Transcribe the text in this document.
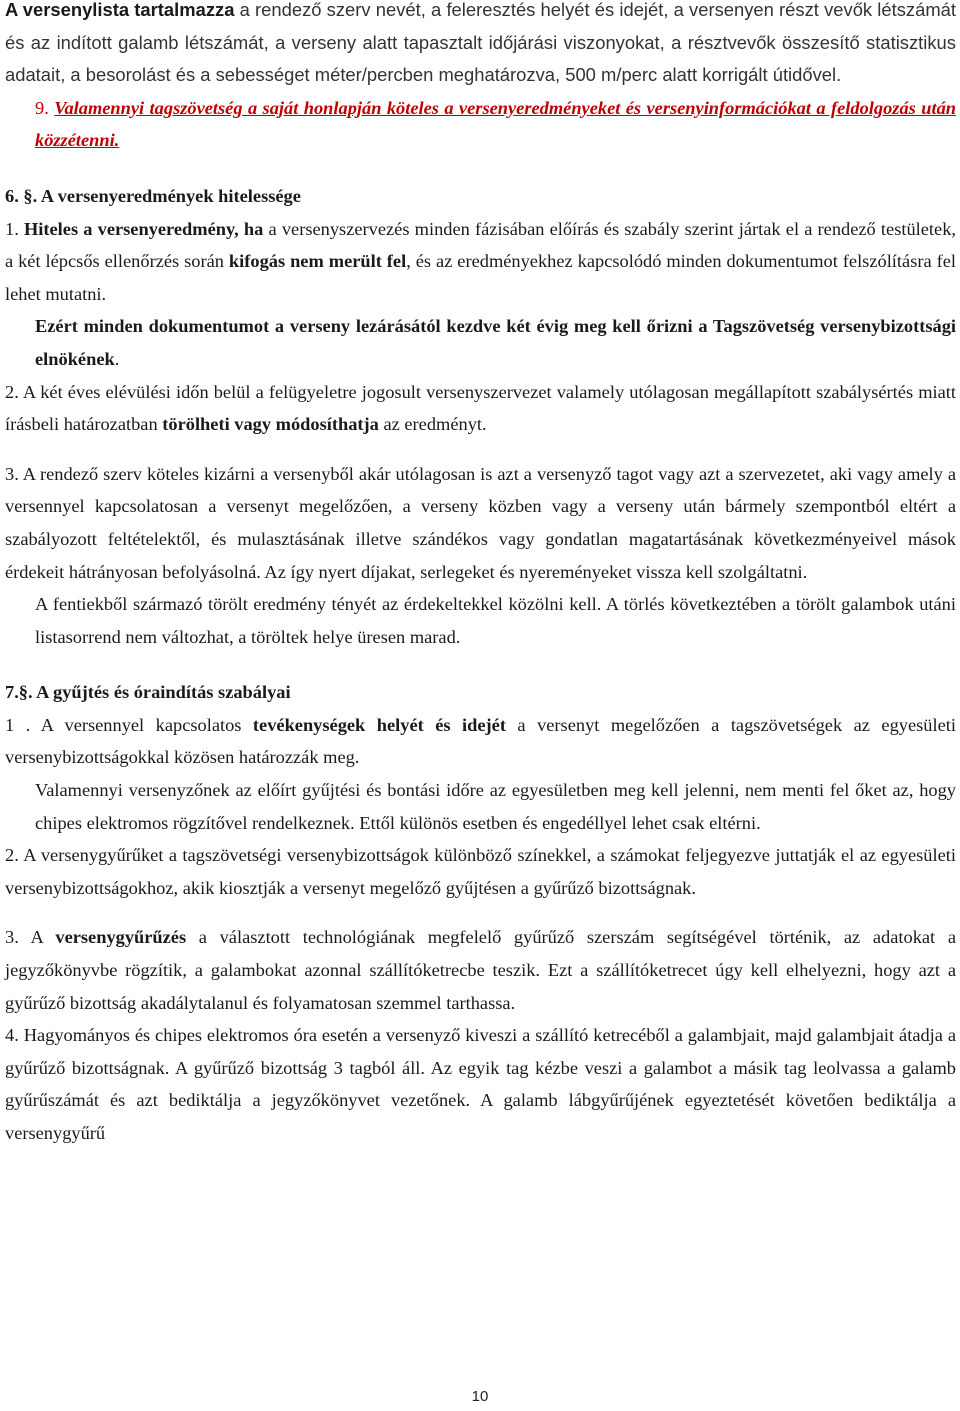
A versenylista tartalmazza a rendező szerv nevét, a feleresztés helyét és idejét, a versenyen részt vevők létszámát és az indított galamb létszámát, a verseny alatt tapasztalt időjárási viszonyokat, a résztvevők összesítő statisztikus adatait, a besorolást és a sebességet méter/percben meghatározva, 500 m/perc alatt korrigált útidővel.

9. Valamennyi tagszövetség a saját honlapján köteles a versenyeredményeket és versenyinformációkat a feldolgozás után közzétenni.

6. §. A versenyeredmények hitelessége

1. Hiteles a versenyeredmény, ha a versenyszervezés minden fázisában előírás és szabály szerint jártak el a rendező testületek, a két lépcsős ellenőrzés során kifogás nem merült fel, és az eredményekhez kapcsolódó minden dokumentumot felszólításra fel lehet mutatni.

Ezért minden dokumentumot a verseny lezárásától kezdve két évig meg kell őrizni a Tagszövetség versenybizottsági elnökének.

2. A két éves elévülési időn belül a felügyeletre jogosult versenyszervezet valamely utólagosan megállapított szabálysértés miatt írásbeli határozatban törölheti vagy módosíthatja az eredményt.

3. A rendező szerv köteles kizárni a versenyből akár utólagosan is azt a versenyző tagot vagy azt a szervezetet, aki vagy amely a versennyel kapcsolatosan a versenyt megelőzően, a verseny közben vagy a verseny után bármely szempontból eltért a szabályozott feltételektől, és mulasztásának illetve szándékos vagy gondatlan magatartásának következményeivel mások érdekeit hátrányosan befolyásolná. Az így nyert díjakat, serlegeket és nyereményeket vissza kell szolgáltatni.

A fentiekből származó törölt eredmény tényét az érdekeltekkel közölni kell. A törlés következtében a törölt galambok utáni listasorrend nem változhat, a töröltek helye üresen marad.

7.§. A gyűjtés és óraindítás szabályai

1 . A versennyel kapcsolatos tevékenységek helyét és idejét a versenyt megelőzően a tagszövetségek az egyesületi versenybizottságokkal közösen határozzák meg.

Valamennyi versenyzőnek az előírt gyűjtési és bontási időre az egyesületben meg kell jelenni, nem menti fel őket az, hogy chipes elektromos rögzítővel rendelkeznek. Ettől különös esetben és engedéllyel lehet csak eltérni.

2. A versenygyűrűket a tagszövetségi versenybizottságok különböző színekkel, a számokat feljegyezve juttatják el az egyesületi versenybizottságokhoz, akik kiosztják a versenyt megelőző gyűjtésen a gyűrűző bizottságnak.

3. A versenygyűrűzés a választott technológiának megfelelő gyűrűző szerszám segítségével történik, az adatokat a jegyzőkönyvbe rögzítik, a galambokat azonnal szállítóketrecbe teszik. Ezt a szállítóketrecet úgy kell elhelyezni, hogy azt a gyűrűző bizottság akadálytalanul és folyamatosan szemmel tarthassa.

4. Hagyományos és chipes elektromos óra esetén a versenyző kiveszi a szállító ketrecéből a galambjait, majd galambjait átadja a gyűrűző bizottságnak. A gyűrűző bizottság 3 tagból áll. Az egyik tag kézbe veszi a galambot a másik tag leolvassa a galamb gyűrűszámát és azt bediktálja a jegyzőkönyvet vezetőnek. A galamb lábgyűrűjének egyeztetését követően bediktálja a versenygyűrű

10
